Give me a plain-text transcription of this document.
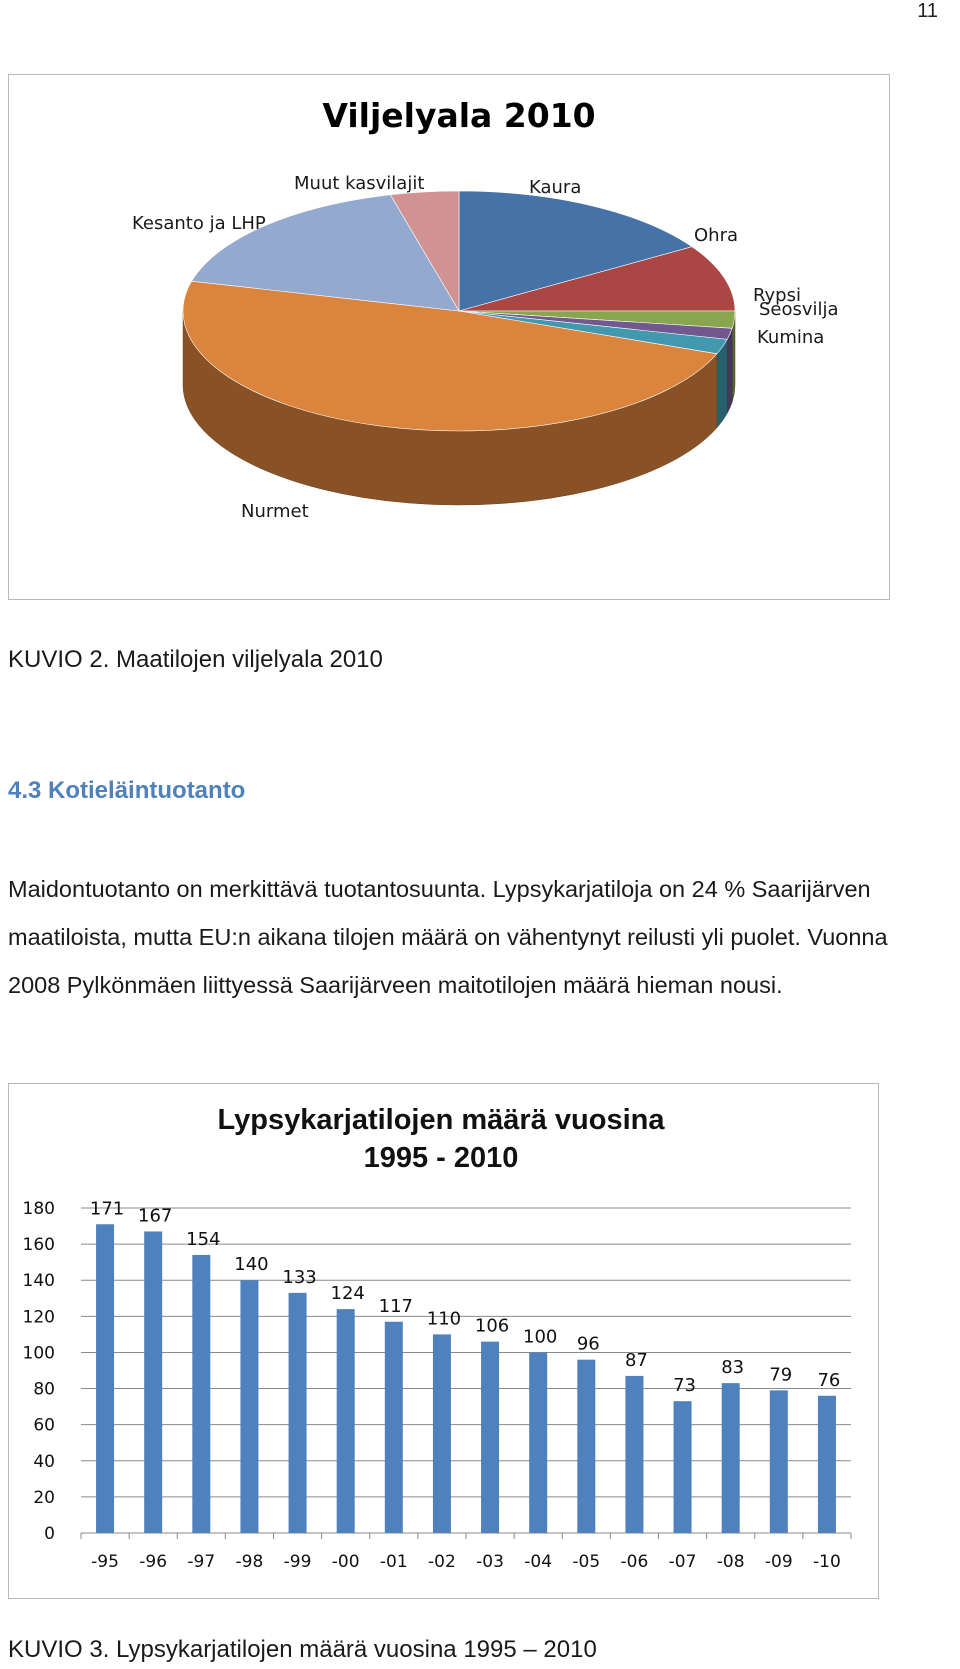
11
Viljelyala 2010
Kaura
Ohra
Rypsi
Seosvilja
Kumina
Nurmet
Kesanto ja LHP
Muut kasvilajit
KUVIO 2. Maatilojen viljelyala 2010
4.3 Kotieläintuotanto
Maidontuotanto on merkittävä tuotantosuunta. Lypsykarjatiloja on 24 % Saarijärven maatiloista, mutta EU:n aikana tilojen määrä on vähentynyt reilusti yli puolet. Vuonna 2008 Pylkönmäen liittyessä Saarijärveen maitotilojen määrä hieman nousi.
Lypsykarjatilojen määrä vuosina
1995 - 2010
0
20
40
60
80
100
120
140
160
180 171
-95
167
-96
154
-97
140
-98
133
-99
124
-00
117
-01
110
-02
106
-03
100
-04
96
-05
87
-06
73
-07
83
-08
79
-09
76
-10
KUVIO 3. Lypsykarjatilojen määrä vuosina 1995 – 2010
